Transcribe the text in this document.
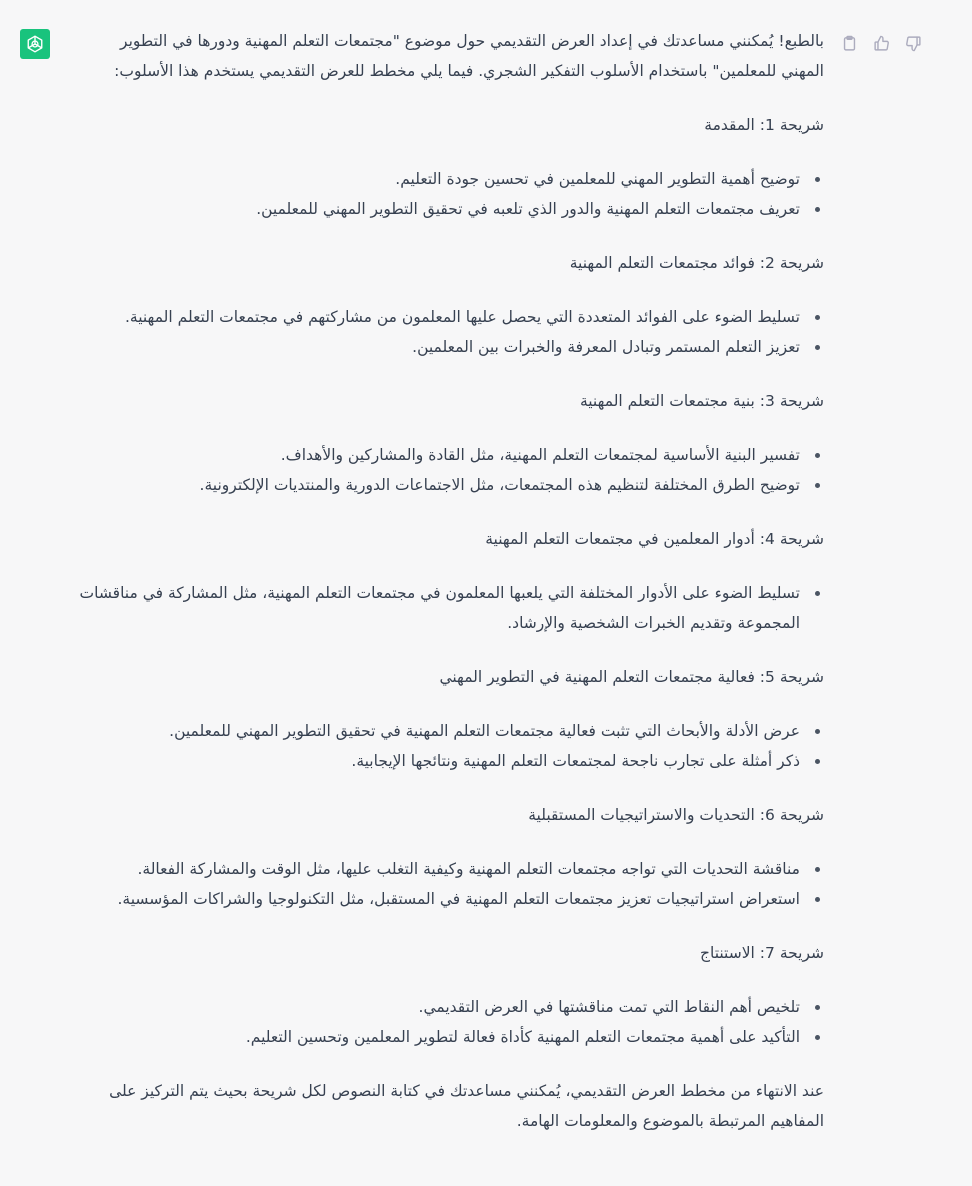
بالطبع! يُمكنني مساعدتك في إعداد العرض التقديمي حول موضوع "مجتمعات التعلم المهنية ودورها في التطوير المهني للمعلمين" باستخدام الأسلوب التفكير الشجري. فيما يلي مخطط للعرض التقديمي يستخدم هذا الأسلوب:

شريحة 1: المقدمة

توضيح أهمية التطوير المهني للمعلمين في تحسين جودة التعليم.
تعريف مجتمعات التعلم المهنية والدور الذي تلعبه في تحقيق التطوير المهني للمعلمين.

شريحة 2: فوائد مجتمعات التعلم المهنية

تسليط الضوء على الفوائد المتعددة التي يحصل عليها المعلمون من مشاركتهم في مجتمعات التعلم المهنية.
تعزيز التعلم المستمر وتبادل المعرفة والخبرات بين المعلمين.

شريحة 3: بنية مجتمعات التعلم المهنية

تفسير البنية الأساسية لمجتمعات التعلم المهنية، مثل القادة والمشاركين والأهداف.
توضيح الطرق المختلفة لتنظيم هذه المجتمعات، مثل الاجتماعات الدورية والمنتديات الإلكترونية.

شريحة 4: أدوار المعلمين في مجتمعات التعلم المهنية

تسليط الضوء على الأدوار المختلفة التي يلعبها المعلمون في مجتمعات التعلم المهنية، مثل المشاركة في مناقشات المجموعة وتقديم الخبرات الشخصية والإرشاد.

شريحة 5: فعالية مجتمعات التعلم المهنية في التطوير المهني

عرض الأدلة والأبحاث التي تثبت فعالية مجتمعات التعلم المهنية في تحقيق التطوير المهني للمعلمين.
ذكر أمثلة على تجارب ناجحة لمجتمعات التعلم المهنية ونتائجها الإيجابية.

شريحة 6: التحديات والاستراتيجيات المستقبلية

مناقشة التحديات التي تواجه مجتمعات التعلم المهنية وكيفية التغلب عليها، مثل الوقت والمشاركة الفعالة.
استعراض استراتيجيات تعزيز مجتمعات التعلم المهنية في المستقبل، مثل التكنولوجيا والشراكات المؤسسية.

شريحة 7: الاستنتاج

تلخيص أهم النقاط التي تمت مناقشتها في العرض التقديمي.
التأكيد على أهمية مجتمعات التعلم المهنية كأداة فعالة لتطوير المعلمين وتحسين التعليم.

عند الانتهاء من مخطط العرض التقديمي، يُمكنني مساعدتك في كتابة النصوص لكل شريحة بحيث يتم التركيز على المفاهيم المرتبطة بالموضوع والمعلومات الهامة.
